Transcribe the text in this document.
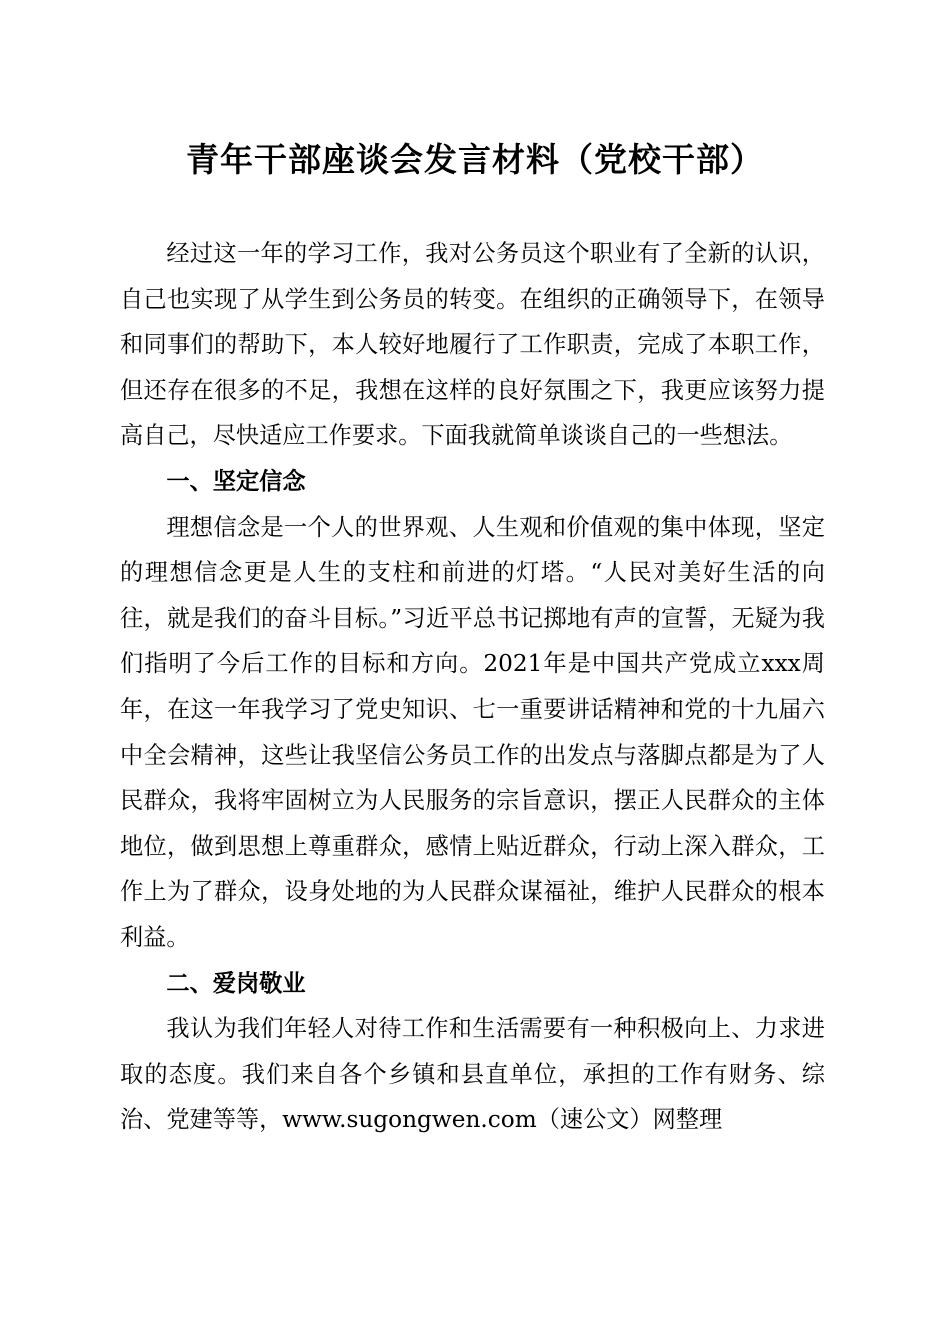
青年干部座谈会发言材料（党校干部）

经过这一年的学习工作，我对公务员这个职业有了全新的认识，自己也实现了从学生到公务员的转变。在组织的正确领导下，在领导和同事们的帮助下，本人较好地履行了工作职责，完成了本职工作，但还存在很多的不足，我想在这样的良好氛围之下，我更应该努力提高自己，尽快适应工作要求。下面我就简单谈谈自己的一些想法。

一、坚定信念

理想信念是一个人的世界观、人生观和价值观的集中体现，坚定的理想信念更是人生的支柱和前进的灯塔。“人民对美好生活的向往，就是我们的奋斗目标。”习近平总书记掷地有声的宣誓，无疑为我们指明了今后工作的目标和方向。2021年是中国共产党成立xxx周年，在这一年我学习了党史知识、七一重要讲话精神和党的十九届六中全会精神，这些让我坚信公务员工作的出发点与落脚点都是为了人民群众，我将牢固树立为人民服务的宗旨意识，摆正人民群众的主体地位，做到思想上尊重群众，感情上贴近群众，行动上深入群众，工作上为了群众，设身处地的为人民群众谋福祉，维护人民群众的根本利益。

二、爱岗敬业

我认为我们年轻人对待工作和生活需要有一种积极向上、力求进取的态度。我们来自各个乡镇和县直单位，承担的工作有财务、综治、党建等等，www.sugongwen.com（速公文）网整理
